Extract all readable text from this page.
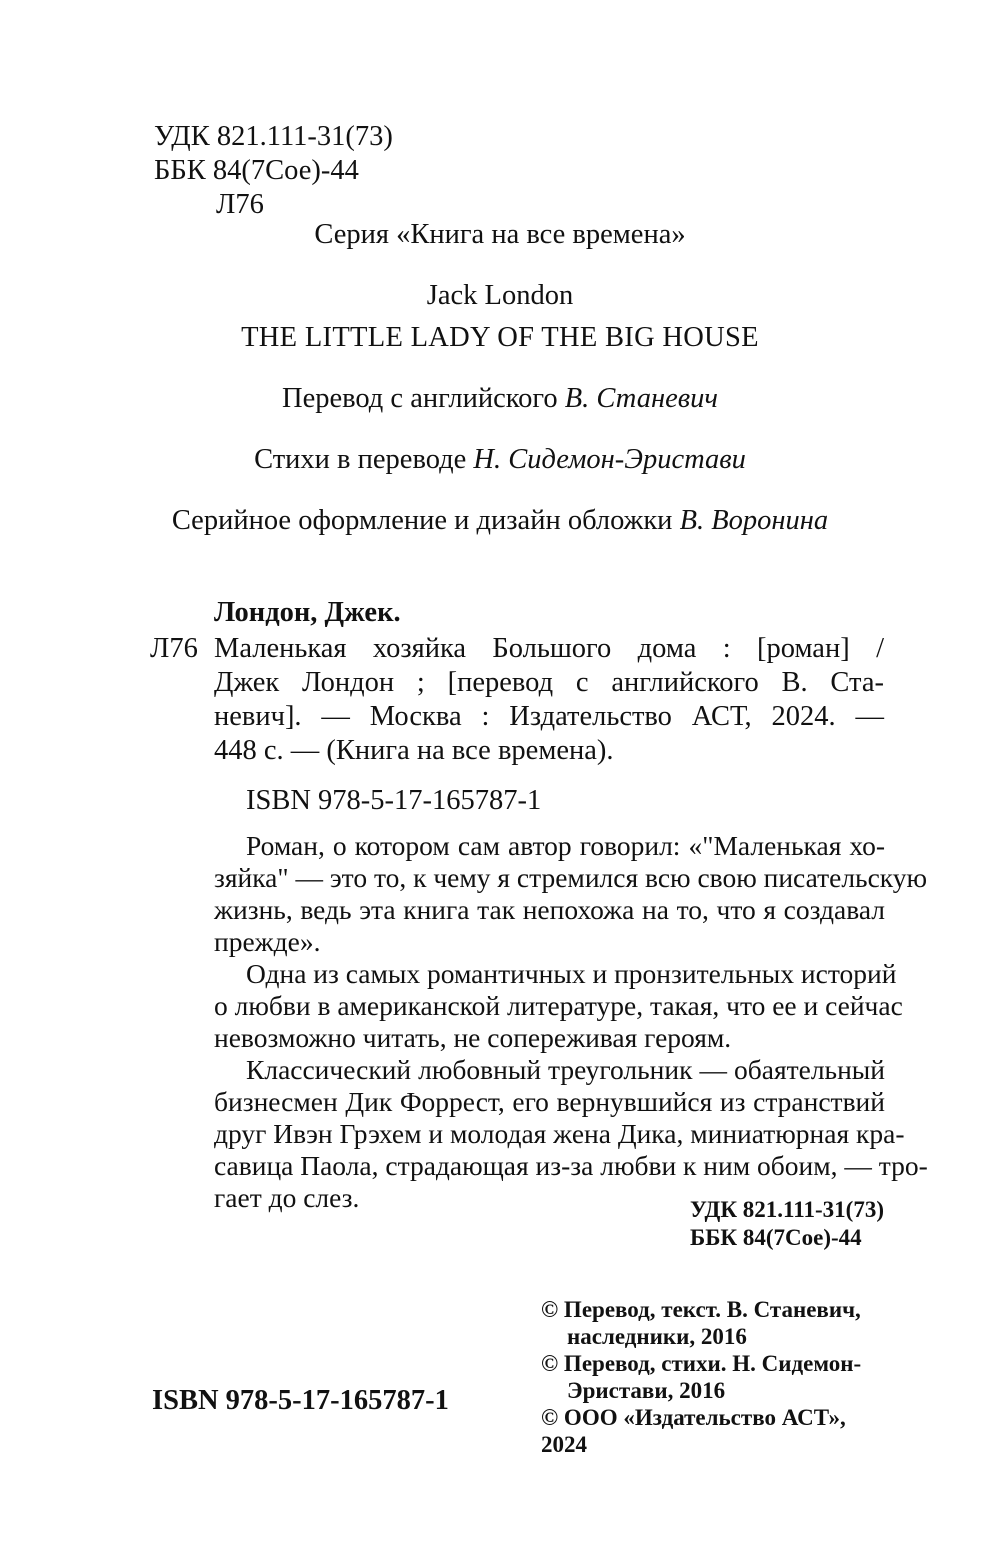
УДК 821.111-31(73)
ББК 84(7Сое)-44
Л76
Серия «Книга на все времена»
Jack London
THE LITTLE LADY OF THE BIG HOUSE
Перевод с английского В. Станевич
Стихи в переводе Н. Сидемон-Эристави
Серийное оформление и дизайн обложки В. Воронина
Лондон, Джек.
Л76 Маленькая хозяйка Большого дома : [роман] /
Джек Лондон ; [перевод с английского В. Ста-
невич]. — Москва : Издательство АСТ, 2024. —
448 с. — (Книга на все времена).
ISBN 978-5-17-165787-1
Роман, о котором сам автор говорил: «"Маленькая хо-
зяйка" — это то, к чему я стремился всю свою писательскую
жизнь, ведь эта книга так непохожа на то, что я создавал
прежде».
Одна из самых романтичных и пронзительных историй
о любви в американской литературе, такая, что ее и сейчас
невозможно читать, не сопереживая героям.
Классический любовный треугольник — обаятельный
бизнесмен Дик Форрест, его вернувшийся из странствий
друг Ивэн Грэхем и молодая жена Дика, миниатюрная кра-
савица Паола, страдающая из-за любви к ним обоим, — тро-
гает до слез.	УДК 821.111-31(73)
ББК 84(7Сое)-44
ISBN 978-5-17-165787-1
© Перевод, текст. В. Станевич,
наследники, 2016
© Перевод, стихи. Н. Сидемон-
Эристави, 2016
© ООО «Издательство АСТ», 2024
